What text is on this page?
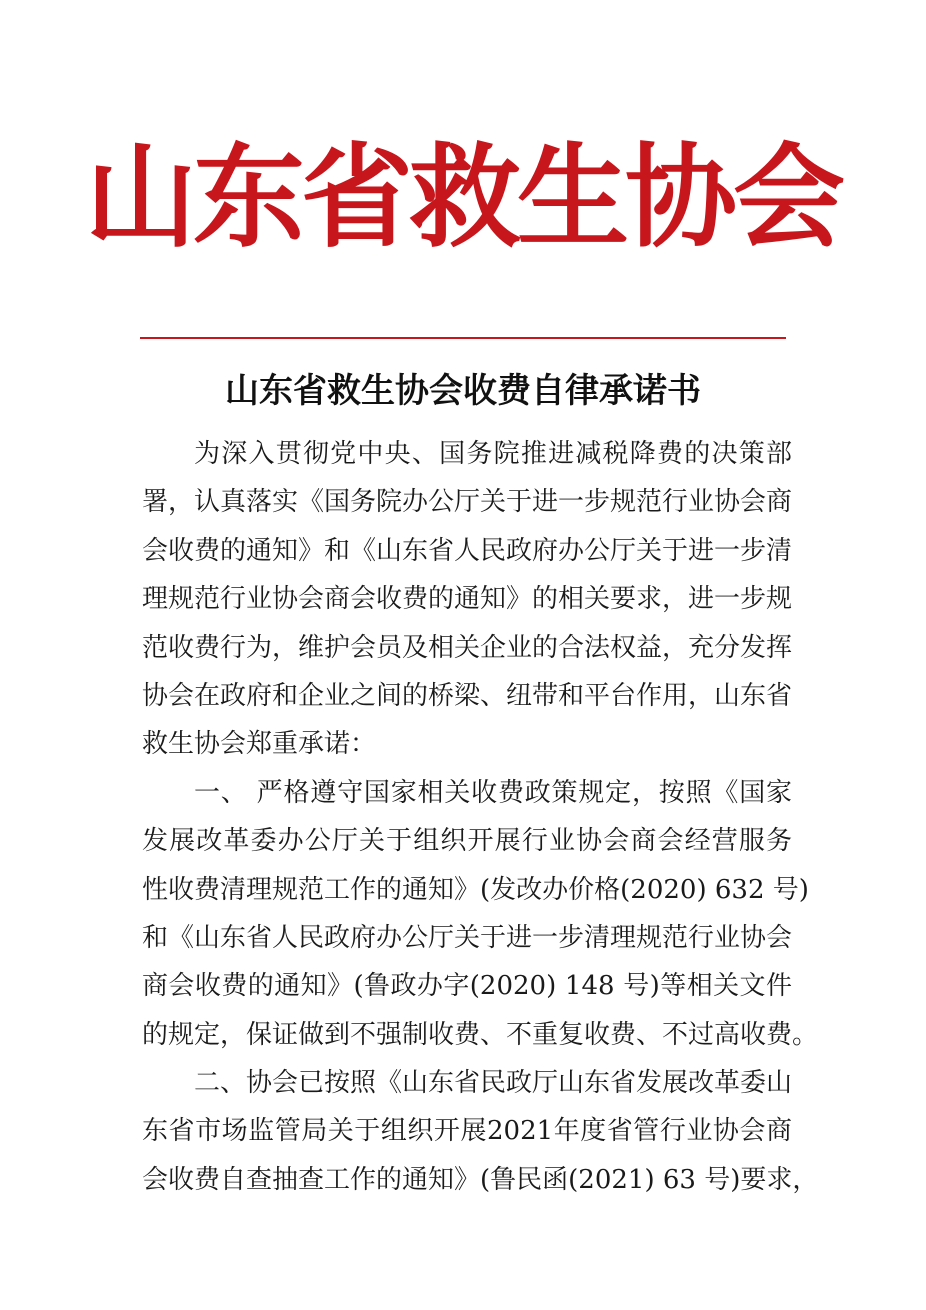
山东省救生协会
山东省救生协会收费自律承诺书
为深入贯彻党中央、国务院推进减税降费的决策部
署，认真落实《国务院办公厅关于进一步规范行业协会商
会收费的通知》和《山东省人民政府办公厅关于进一步清
理规范行业协会商会收费的通知》的相关要求，进一步规
范收费行为，维护会员及相关企业的合法权益，充分发挥
协会在政府和企业之间的桥梁、纽带和平台作用，山东省
救生协会郑重承诺：
一、 严格遵守国家相关收费政策规定，按照《国家
发展改革委办公厅关于组织开展行业协会商会经营服务
性收费清理规范工作的通知》(发改办价格(2020) 632 号)
和《山东省人民政府办公厅关于进一步清理规范行业协会
商会收费的通知》(鲁政办字(2020) 148 号)等相关文件
的规定，保证做到不强制收费、不重复收费、不过高收费。
二、协会已按照《山东省民政厅山东省发展改革委山
东省市场监管局关于组织开展2021年度省管行业协会商
会收费自查抽查工作的通知》(鲁民函(2021) 63 号)要求，
